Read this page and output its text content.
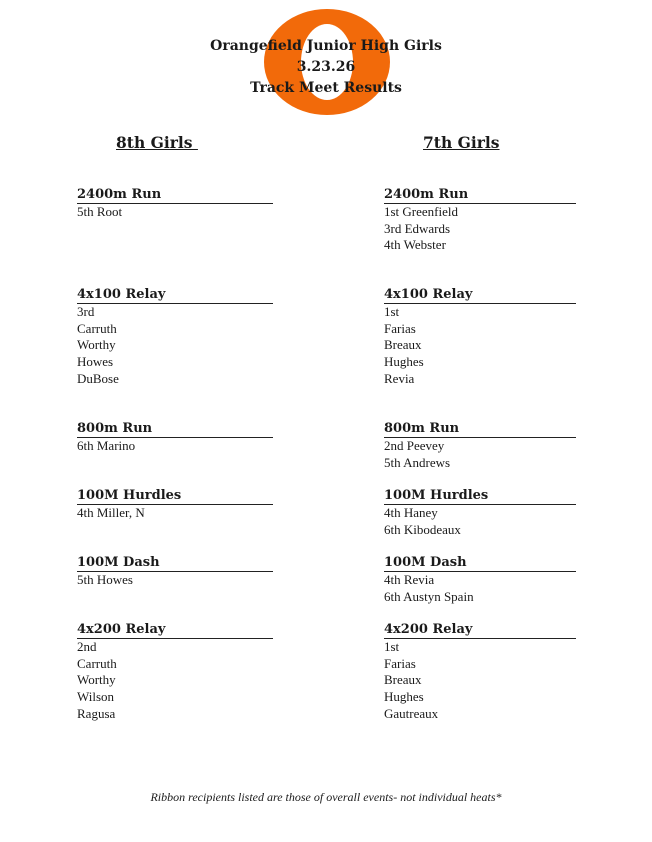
Orangefield Junior High Girls
3.23.26
Track Meet Results
8th Girls	7th Girls
2400m Run
5th Root
4x100 Relay
3rd
Carruth
Worthy
Howes
DuBose
800m Run
6th Marino
100M Hurdles
4th Miller, N
100M Dash
5th Howes
4x200 Relay
2nd
Carruth
Worthy
Wilson
Ragusa
2400m Run
1st Greenfield
3rd Edwards
4th Webster
4x100 Relay
1st
Farias
Breaux
Hughes
Revia
800m Run
2nd Peevey
5th Andrews
100M Hurdles
4th Haney
6th Kibodeaux
100M Dash
4th Revia
6th Austyn Spain
4x200 Relay
1st
Farias
Breaux
Hughes
Gautreaux
Ribbon recipients listed are those of overall events- not individual heats*
